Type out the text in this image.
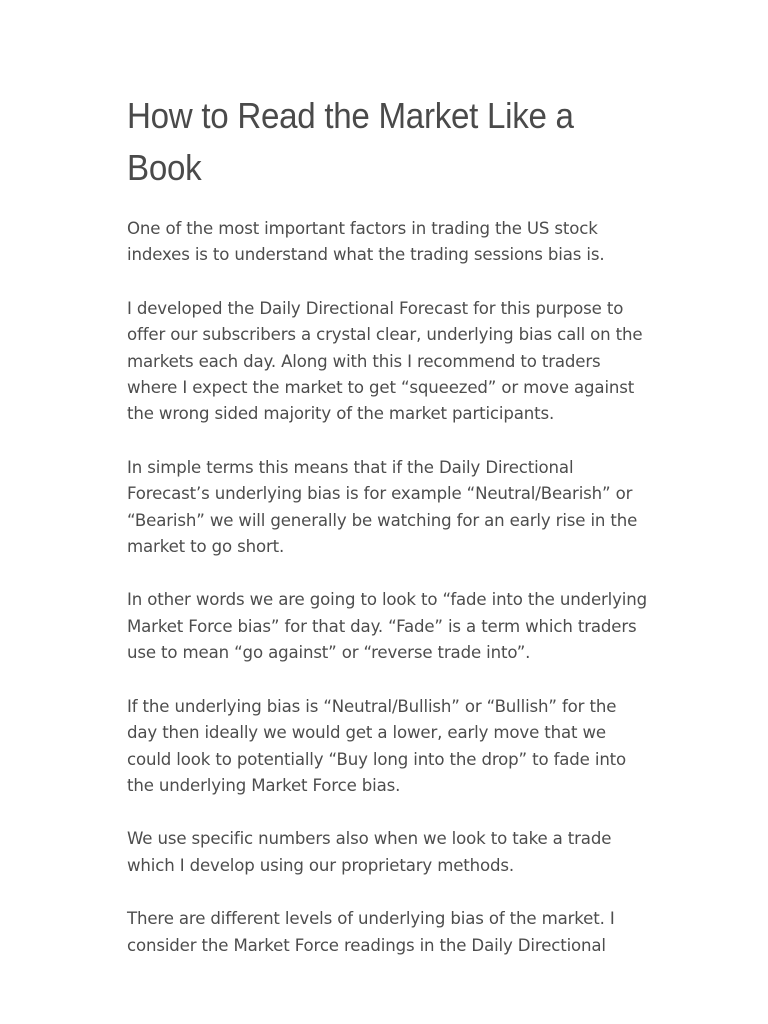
How to Read the Market Like a Book

One of the most important factors in trading the US stock indexes is to understand what the trading sessions bias is.

I developed the Daily Directional Forecast for this purpose to offer our subscribers a crystal clear, underlying bias call on the markets each day. Along with this I recommend to traders where I expect the market to get “squeezed” or move against the wrong sided majority of the market participants.

In simple terms this means that if the Daily Directional Forecast’s underlying bias is for example “Neutral/Bearish” or “Bearish” we will generally be watching for an early rise in the market to go short.

In other words we are going to look to “fade into the underlying Market Force bias” for that day. “Fade” is a term which traders use to mean “go against” or “reverse trade into”.

If the underlying bias is “Neutral/Bullish” or “Bullish” for the day then ideally we would get a lower, early move that we could look to potentially “Buy long into the drop” to fade into the underlying Market Force bias.

We use specific numbers also when we look to take a trade which I develop using our proprietary methods.

There are different levels of underlying bias of the market. I consider the Market Force readings in the Daily Directional
